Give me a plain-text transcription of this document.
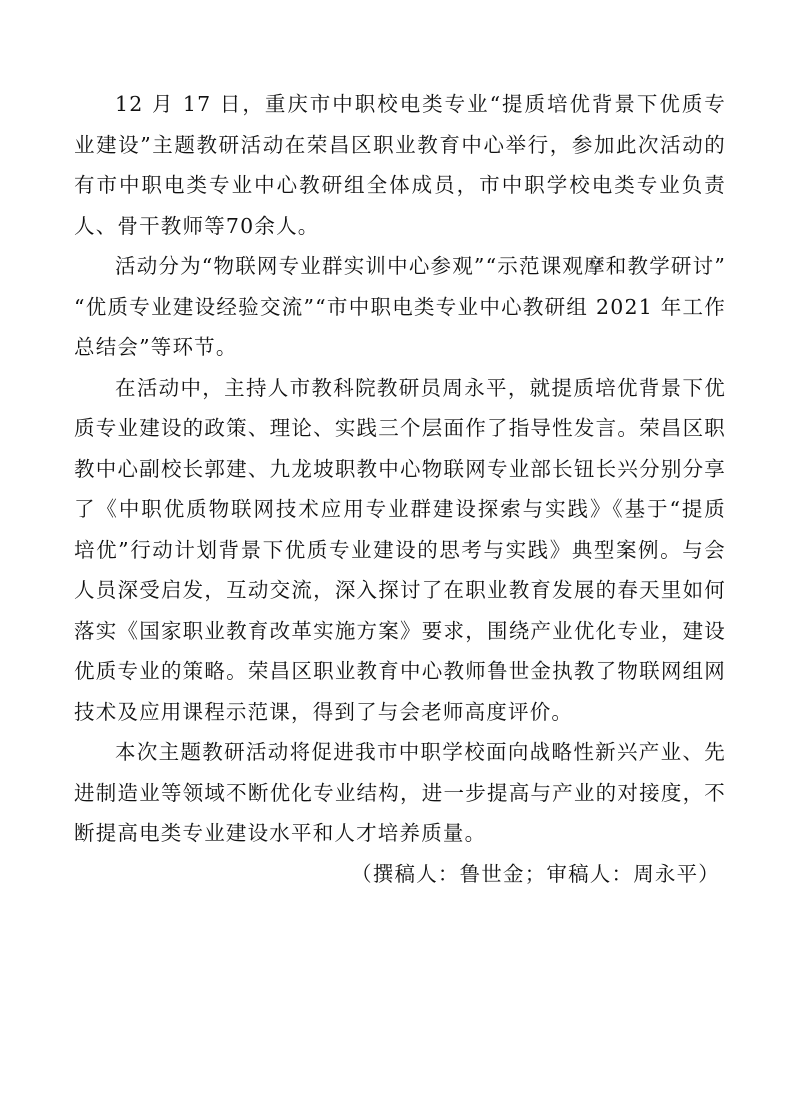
12 月 17 日，重庆市中职校电类专业“提质培优背景下优质专业建设”主题教研活动在荣昌区职业教育中心举行，参加此次活动的有市中职电类专业中心教研组全体成员，市中职学校电类专业负责人、骨干教师等70余人。

活动分为“物联网专业群实训中心参观”“示范课观摩和教学研讨” “优质专业建设经验交流”“市中职电类专业中心教研组 2021 年工作总结会”等环节。

在活动中，主持人市教科院教研员周永平，就提质培优背景下优质专业建设的政策、理论、实践三个层面作了指导性发言。荣昌区职教中心副校长郭建、九龙坡职教中心物联网专业部长钮长兴分别分享了《中职优质物联网技术应用专业群建设探索与实践》《基于“提质培优”行动计划背景下优质专业建设的思考与实践》典型案例。与会人员深受启发，互动交流，深入探讨了在职业教育发展的春天里如何落实《国家职业教育改革实施方案》要求，围绕产业优化专业，建设优质专业的策略。荣昌区职业教育中心教师鲁世金执教了物联网组网技术及应用课程示范课，得到了与会老师高度评价。

本次主题教研活动将促进我市中职学校面向战略性新兴产业、先进制造业等领域不断优化专业结构，进一步提高与产业的对接度，不断提高电类专业建设水平和人才培养质量。

（撰稿人：鲁世金；审稿人：周永平）
